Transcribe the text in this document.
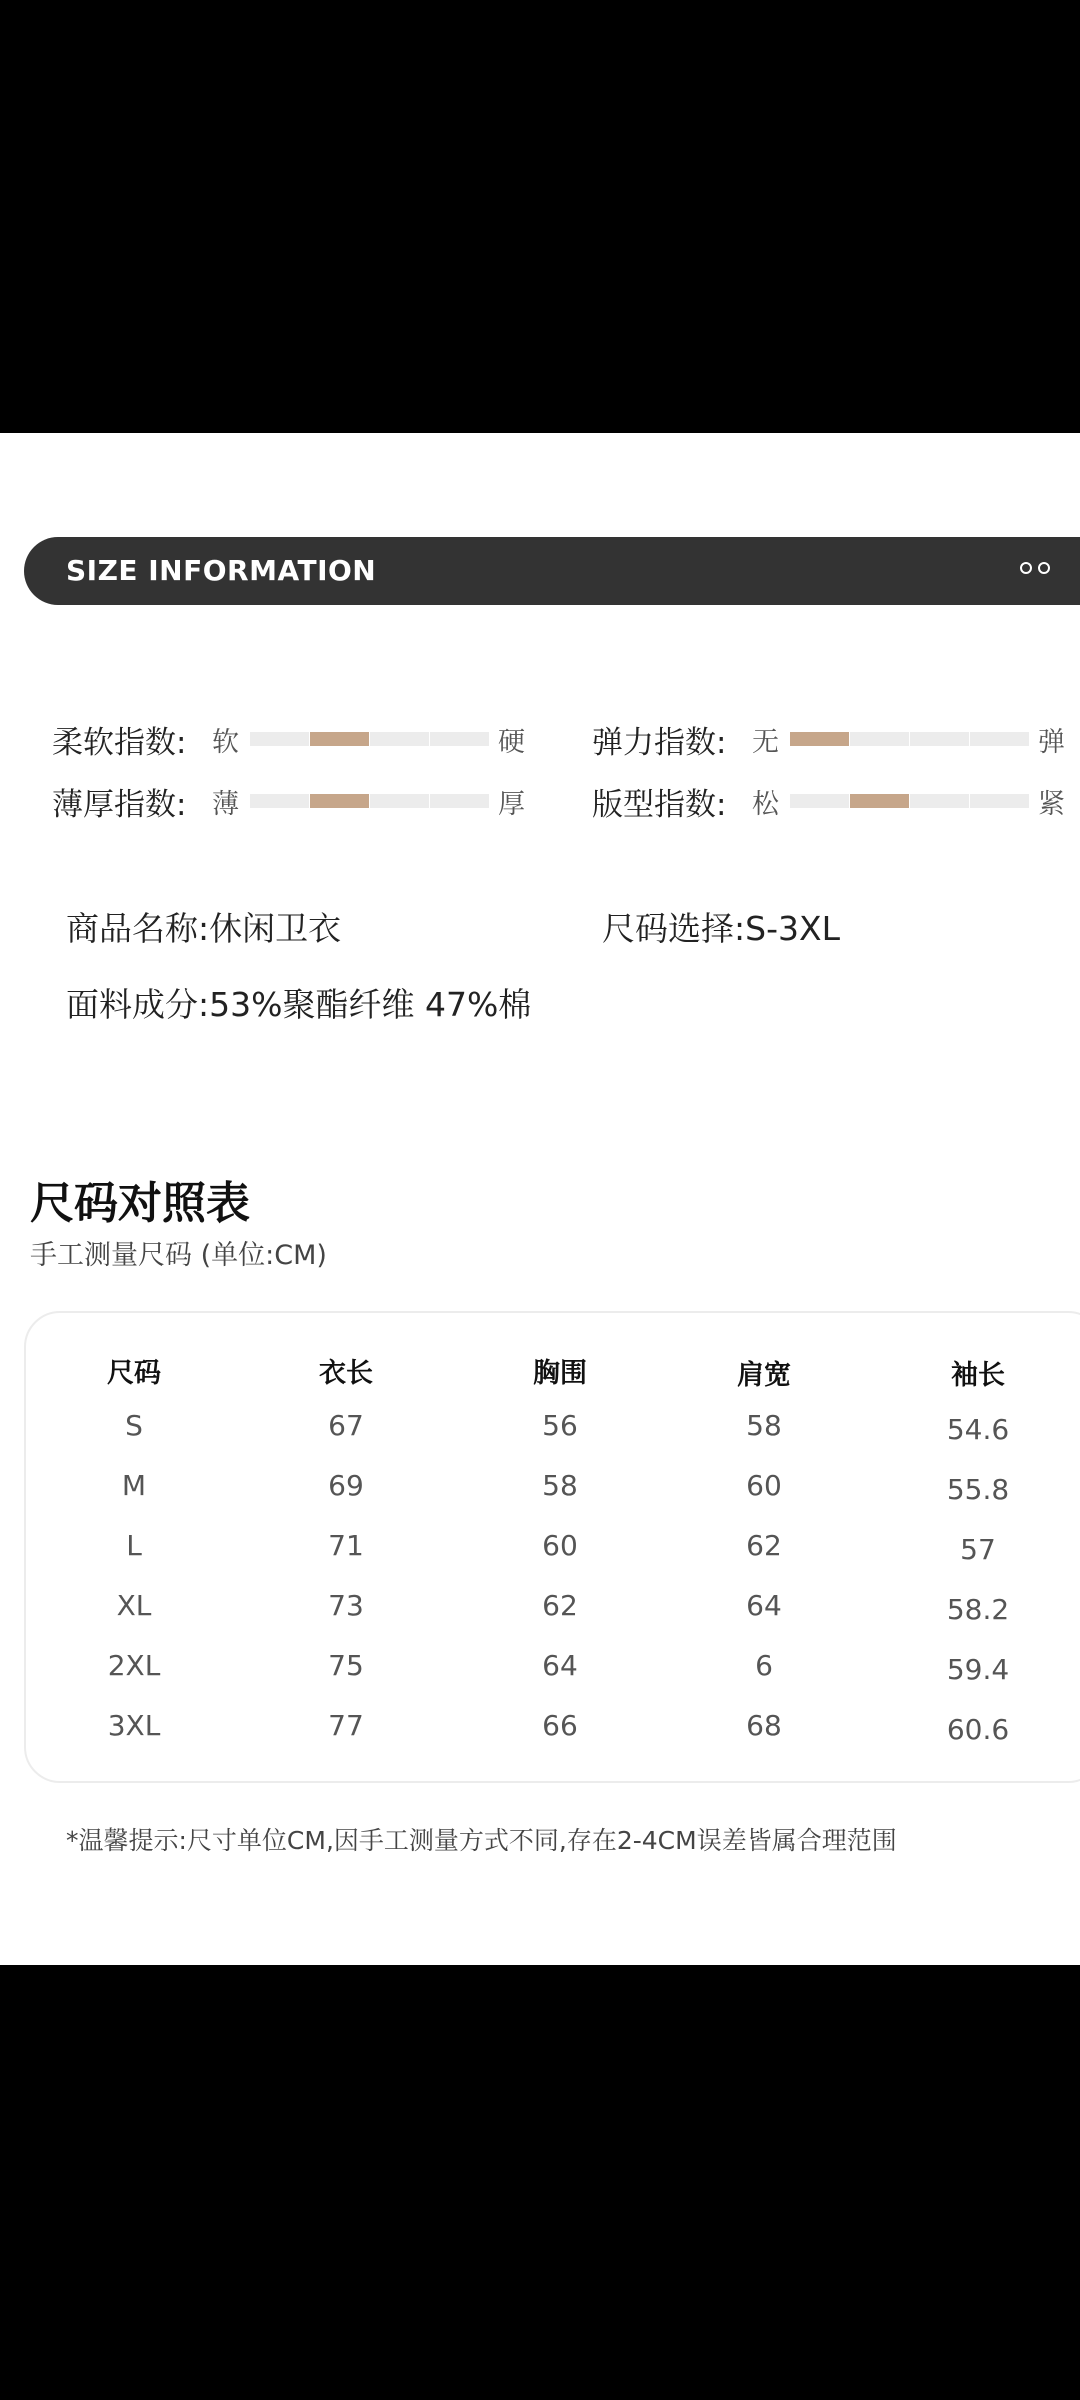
SIZE INFORMATION
柔软指数: 软	硬 弹力指数: 无	弹
薄厚指数: 薄	厚 版型指数: 松	紧
商品名称:休闲卫衣	尺码选择:S-3XL
面料成分:53%聚酯纤维 47%棉
尺码对照表
手工测量尺码 (单位:CM)
尺码	衣长	胸围	肩宽	袖长
S	67	56	58	54.6
M	69	58	60	55.8
L	71	60	62	57
XL	73	62	64	58.2
2XL	75	64	6	59.4
3XL	77	66	68	60.6
*温馨提示:尺寸单位CM,因手工测量方式不同,存在2-4CM误差皆属合理范围
